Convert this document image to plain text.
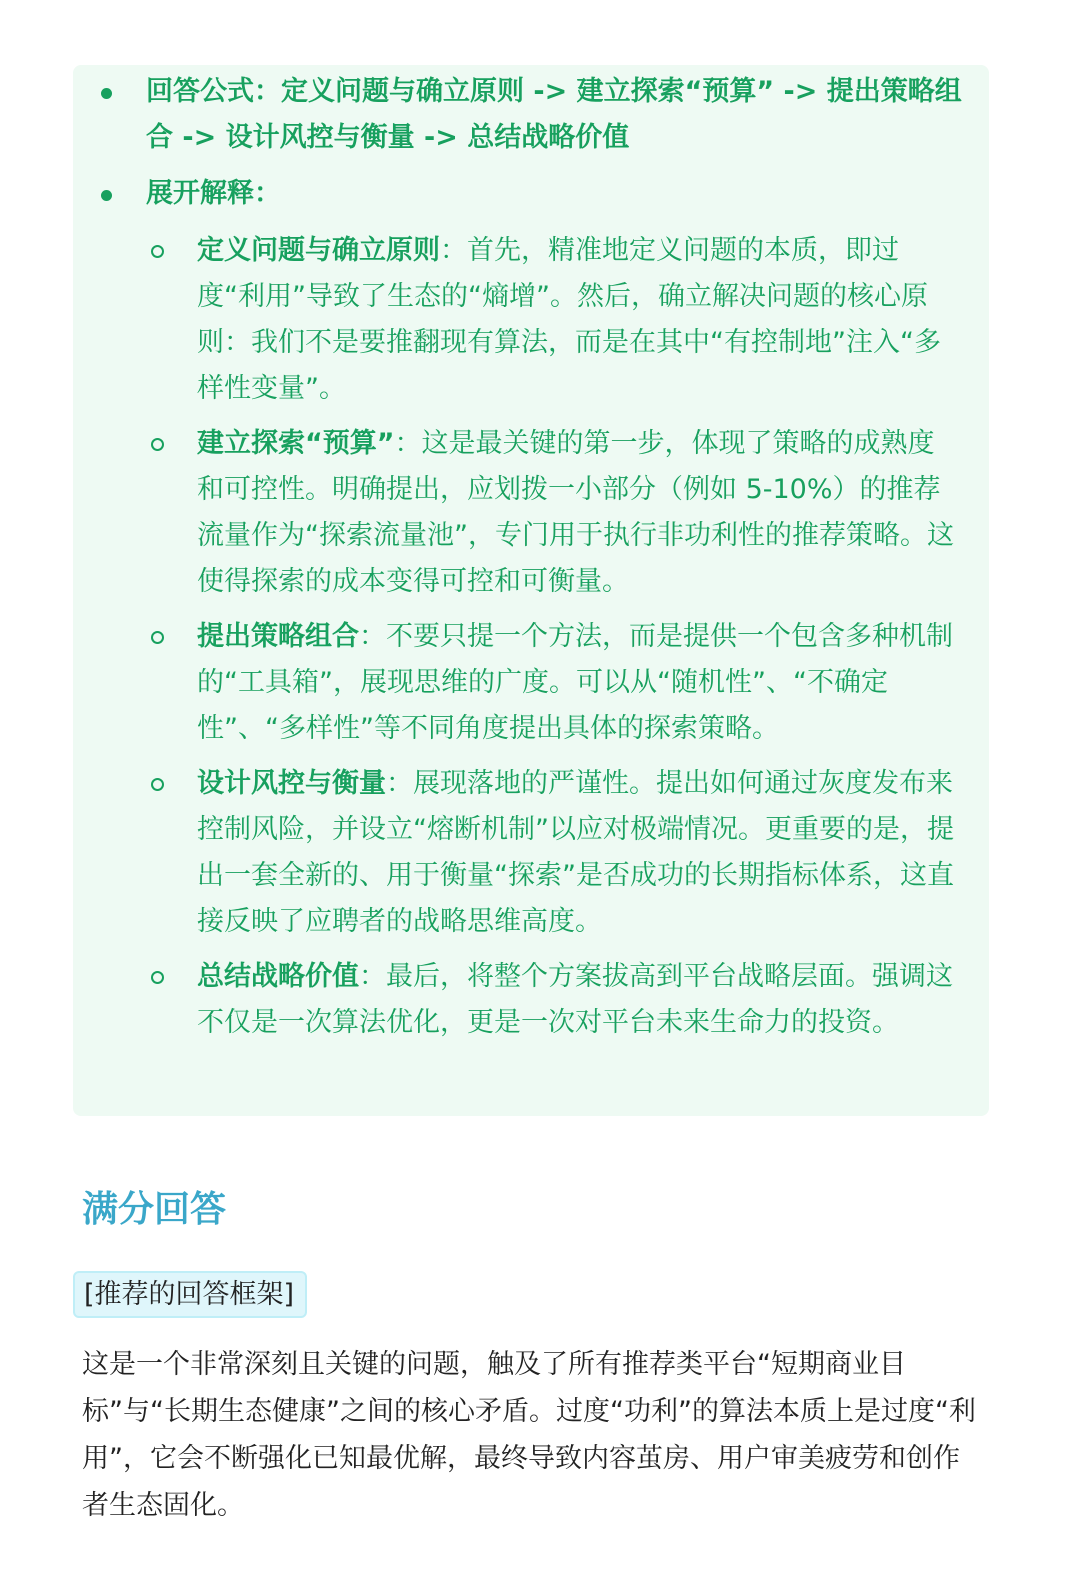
回答公式：定义问题与确立原则 -> 建立探索“预算” -> 提出策略组合 -> 设计风控与衡量 -> 总结战略价值

展开解释：

定义问题与确立原则：首先，精准地定义问题的本质，即过度“利用”导致了生态的“熵增”。然后，确立解决问题的核心原则：我们不是要推翻现有算法，而是在其中“有控制地”注入“多样性变量”。

建立探索“预算”：这是最关键的第一步，体现了策略的成熟度和可控性。明确提出，应划拨一小部分（例如 5-10%）的推荐流量作为“探索流量池”，专门用于执行非功利性的推荐策略。这使得探索的成本变得可控和可衡量。

提出策略组合：不要只提一个方法，而是提供一个包含多种机制的“工具箱”，展现思维的广度。可以从“随机性”、“不确定性”、“多样性”等不同角度提出具体的探索策略。

设计风控与衡量：展现落地的严谨性。提出如何通过灰度发布来控制风险，并设立“熔断机制”以应对极端情况。更重要的是，提出一套全新的、用于衡量“探索”是否成功的长期指标体系，这直接反映了应聘者的战略思维高度。

总结战略价值：最后，将整个方案拔高到平台战略层面。强调这不仅是一次算法优化，更是一次对平台未来生命力的投资。

满分回答
[推荐的回答框架]

这是一个非常深刻且关键的问题，触及了所有推荐类平台“短期商业目标”与“长期生态健康”之间的核心矛盾。过度“功利”的算法本质上是过度“利用”，它会不断强化已知最优解，最终导致内容茧房、用户审美疲劳和创作者生态固化。
